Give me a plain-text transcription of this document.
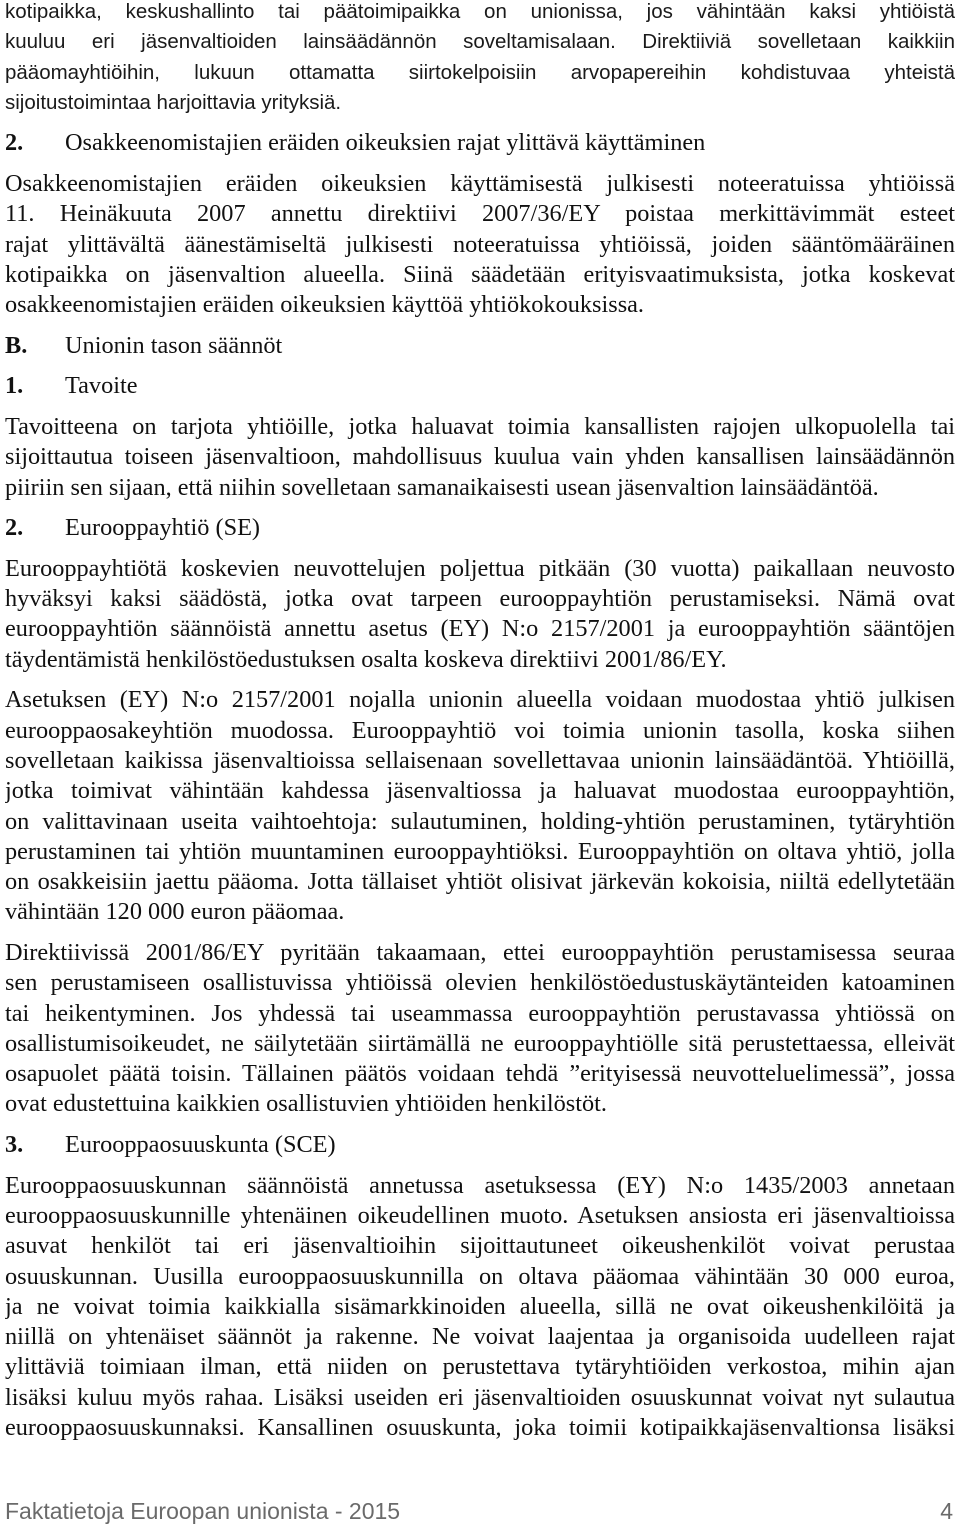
kotipaikka, keskushallinto tai päätoimipaikka on unionissa, jos vähintään kaksi yhtiöistä
kuuluu eri jäsenvaltioiden lainsäädännön soveltamisalaan. Direktiiviä sovelletaan kaikkiin
pääomayhtiöihin, lukuun ottamatta siirtokelpoisiin arvopapereihin kohdistuvaa yhteistä
sijoitustoimintaa harjoittavia yrityksiä.
2.	Osakkeenomistajien eräiden oikeuksien rajat ylittävä käyttäminen
Osakkeenomistajien eräiden oikeuksien käyttämisestä julkisesti noteeratuissa yhtiöissä
11. Heinäkuuta 2007 annettu direktiivi 2007/36/EY poistaa merkittävimmät esteet
rajat ylittävältä äänestämiseltä julkisesti noteeratuissa yhtiöissä, joiden sääntömääräinen
kotipaikka on jäsenvaltion alueella. Siinä säädetään erityisvaatimuksista, jotka koskevat
osakkeenomistajien eräiden oikeuksien käyttöä yhtiökokouksissa.
B.	Unionin tason säännöt
1.	Tavoite
Tavoitteena on tarjota yhtiöille, jotka haluavat toimia kansallisten rajojen ulkopuolella tai
sijoittautua toiseen jäsenvaltioon, mahdollisuus kuulua vain yhden kansallisen lainsäädännön
piiriin sen sijaan, että niihin sovelletaan samanaikaisesti usean jäsenvaltion lainsäädäntöä.
2.	Eurooppayhtiö (SE)
Eurooppayhtiötä koskevien neuvottelujen poljettua pitkään (30 vuotta) paikallaan neuvosto
hyväksyi kaksi säädöstä, jotka ovat tarpeen eurooppayhtiön perustamiseksi. Nämä ovat
eurooppayhtiön säännöistä annettu asetus (EY) N:o 2157/2001 ja eurooppayhtiön sääntöjen
täydentämistä henkilöstöedustuksen osalta koskeva direktiivi 2001/86/EY.
Asetuksen (EY) N:o 2157/2001 nojalla unionin alueella voidaan muodostaa yhtiö julkisen
eurooppaosakeyhtiön muodossa. Eurooppayhtiö voi toimia unionin tasolla, koska siihen
sovelletaan kaikissa jäsenvaltioissa sellaisenaan sovellettavaa unionin lainsäädäntöä. Yhtiöillä,
jotka toimivat vähintään kahdessa jäsenvaltiossa ja haluavat muodostaa eurooppayhtiön,
on valittavinaan useita vaihtoehtoja: sulautuminen, holding-yhtiön perustaminen, tytäryhtiön
perustaminen tai yhtiön muuntaminen eurooppayhtiöksi. Eurooppayhtiön on oltava yhtiö, jolla
on osakkeisiin jaettu pääoma. Jotta tällaiset yhtiöt olisivat järkevän kokoisia, niiltä edellytetään
vähintään 120 000 euron pääomaa.
Direktiivissä 2001/86/EY pyritään takaamaan, ettei eurooppayhtiön perustamisessa seuraa
sen perustamiseen osallistuvissa yhtiöissä olevien henkilöstöedustuskäytänteiden katoaminen
tai heikentyminen. Jos yhdessä tai useammassa eurooppayhtiön perustavassa yhtiössä on
osallistumisoikeudet, ne säilytetään siirtämällä ne eurooppayhtiölle sitä perustettaessa, elleivät
osapuolet päätä toisin. Tällainen päätös voidaan tehdä ”erityisessä neuvotteluelimessä”, jossa
ovat edustettuina kaikkien osallistuvien yhtiöiden henkilöstöt.
3.	Eurooppaosuuskunta (SCE)
Eurooppaosuuskunnan säännöistä annetussa asetuksessa (EY) N:o 1435/2003 annetaan
eurooppaosuuskunnille yhtenäinen oikeudellinen muoto. Asetuksen ansiosta eri jäsenvaltioissa
asuvat henkilöt tai eri jäsenvaltioihin sijoittautuneet oikeushenkilöt voivat perustaa
osuuskunnan. Uusilla eurooppaosuuskunnilla on oltava pääomaa vähintään 30 000 euroa,
ja ne voivat toimia kaikkialla sisämarkkinoiden alueella, sillä ne ovat oikeushenkilöitä ja
niillä on yhtenäiset säännöt ja rakenne. Ne voivat laajentaa ja organisoida uudelleen rajat
ylittäviä toimiaan ilman, että niiden on perustettava tytäryhtiöiden verkostoa, mihin ajan
lisäksi kuluu myös rahaa. Lisäksi useiden eri jäsenvaltioiden osuuskunnat voivat nyt sulautua
eurooppaosuuskunnaksi. Kansallinen osuuskunta, joka toimii kotipaikkajäsenvaltionsa lisäksi
Faktatietoja Euroopan unionista - 2015	4
